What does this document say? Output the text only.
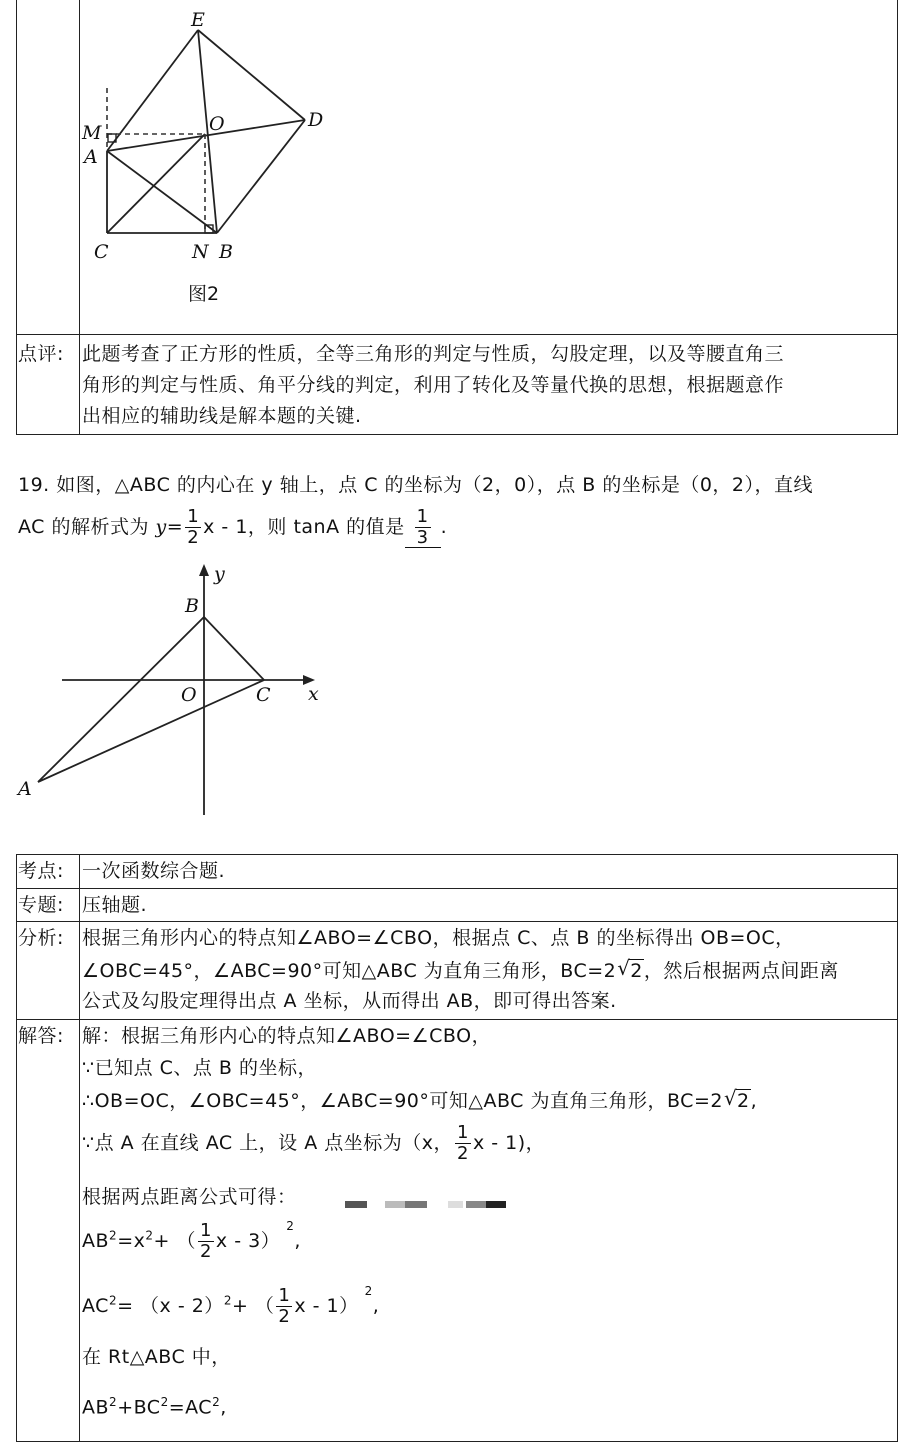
E
D
O
M
A
C	N B
图2
点评: 此题考查了正方形的性质，全等三角形的判定与性质，勾股定理，以及等腰直角三
角形的判定与性质、角平分线的判定，利用了转化及等量代换的思想，根据题意作
出相应的辅助线是解本题的关键.
19. 如图，△ABC 的内心在 y 轴上，点 C 的坐标为（2，0），点 B 的坐标是（0，2），直线
AC 的解析式为 $y= \frac{1}{2}$ x - 1，则 tanA 的值是 $\frac{1}{3}$ .
y
x
B
O	C
A
考点: 一次函数综合题.
专题: 压轴题.
分析: 根据三角形内心的特点知∠ABO=∠CBO，根据点 C、点 B 的坐标得出 OB=OC，
∠OBC=45°，∠ABC=90°可知△ABC 为直角三角形，BC=2 √ 2，然后根据两点间距离
公式及勾股定理得出点 A 坐标，从而得出 AB，即可得出答案.
解答: 解：根据三角形内心的特点知∠ABO=∠CBO，
∵已知点 C、点 B 的坐标，
∴OB=OC，∠OBC=45°，∠ABC=90°可知△ABC 为直角三角形，BC=2 √ 2,
∵点 A 在直线 AC 上，设 A 点坐标为（x， $\frac{1}{2}$ x - 1)，
根据两点距离公式可得：
$AB^2=x^2+$ （ $\frac{1}{2}$ x - 3）$^2$,
$AC^2= (x - 2)^2+$ （ $\frac{1}{2}$ x - 1）$^2$,
在 Rt△ABC 中，
$AB^2+BC^2=AC^2$,
